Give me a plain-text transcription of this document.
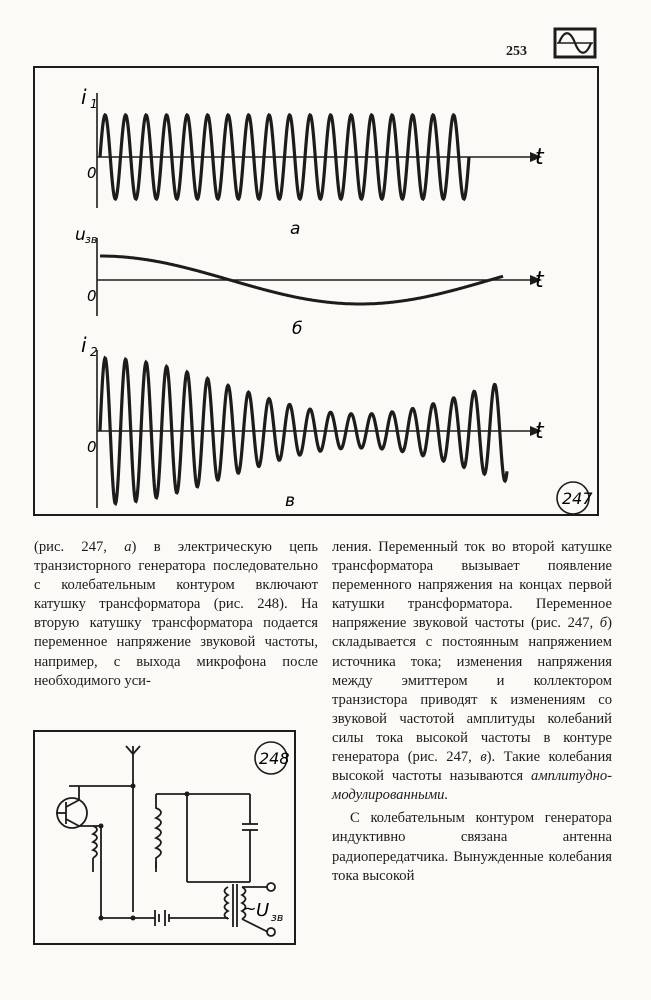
253
i 1
0
t
а
u зв
0
t
б
i 2
0
t
в	247

(рис. 247, а) в электрическую цепь транзисторного генератора последовательно с колебательным контуром включают катушку трансформатора (рис. 248). На вторую катушку трансформатора подается переменное напряжение звуковой частоты, например, с выхода микрофона после необходимого уси-

248
~ U зв

ления. Переменный ток во второй катушке трансформатора вызывает появление переменного напряжения на концах первой катушки трансформатора. Переменное напряжение звуковой частоты (рис. 247, б) складывается с постоянным напряжением источника тока; изменения напряжения между эмиттером и коллектором транзистора приводят к изменениям со звуковой частотой амплитуды колебаний силы тока высокой частоты в контуре генератора (рис. 247, в). Такие колебания высокой частоты называются амплитудно-модулированными.

С колебательным контуром генератора индуктивно связана антенна радиопередатчика. Вынужденные колебания тока высокой
